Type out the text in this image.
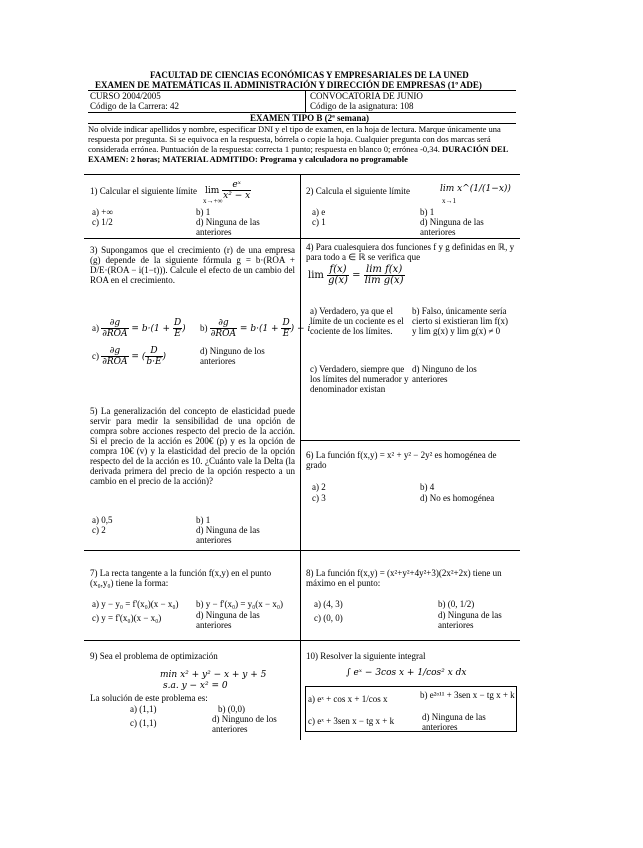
FACULTAD DE CIENCIAS ECONÓMICAS Y EMPRESARIALES DE LA UNED
EXAMEN DE MATEMÁTICAS II. ADMINISTRACIÓN Y DIRECCIÓN DE EMPRESAS (1º ADE)
CURSO 2004/2005	CONVOCATORIA DE JUNIO
Código de la Carrera: 42	Código de la asignatura: 108
EXAMEN TIPO B (2ª semana)
No olvide indicar apellidos y nombre, especificar DNI y el tipo de examen, en la hoja de lectura. Marque únicamente una respuesta por pregunta. Si se equivoca en la respuesta, bórrela o copie la hoja. Cualquier pregunta con dos marcas será considerada errónea. Puntuación de la respuesta: correcta 1 punto; respuesta en blanco 0; errónea -0,34. DURACIÓN DEL EXAMEN: 2 horas; MATERIAL ADMITIDO: Programa y calculadora no programable
1) Calcular el siguiente límite $\lim \frac{\text{eˣ}}{\text{x² − x}}$
x→+∞
a) +∞	b) 1
c) 1/2	d) Ninguna de las anteriores
2) Calcula el siguiente límite	lim x^(1/(1−x))
x→1
a) e	b) 1
c) 1	d) Ninguna de las anteriores
3) Supongamos que el crecimiento (r) de una empresa (g) depende de la siguiente fórmula g = b·(ROA + D/E·(ROA − i(1−t))). Calcule el efecto de un cambio del ROA en el crecimiento.
$a) \frac{\partial g}{\text{∂ROA}} = b\cdot(1 + \frac{D}{E}$ ) $b) \frac{\partial g}{\text{∂ROA}} = b\cdot(1 + \frac{D}{E}$ ) − i
$c) \frac{\partial g}{\text{∂ROA}}$ = ( $\frac{D}{b\cdot E}$ )
d) Ninguno de los anteriores
4) Para cualesquiera dos funciones f y g definidas en ℝ, y para todo a ∈ ℝ se verifica que
$\lim \frac{f(x)}{g(x)} = \frac{\text{lim f(x)}}{\text{lim g(x)}}$
a) Verdadero, ya que el límite de un cociente es el cociente de los límites.
b) Falso, únicamente sería cierto si existieran lim f(x) y lim g(x) y lim g(x) ≠ 0
c) Verdadero, siempre que los límites del numerador y denominador existan
d) Ninguno de los anteriores
5) La generalización del concepto de elasticidad puede servir para medir la sensibilidad de una opción de compra sobre acciones respecto del precio de la acción. Si el precio de la acción es 200€ (p) y es la opción de compra 10€ (v) y la elasticidad del precio de la opción respecto del de la acción es 10. ¿Cuánto vale la Delta (la derivada primera del precio de la opción respecto a un cambio en el precio de la acción)?
a) 0,5	b) 1
c) 2	d) Ninguna de las anteriores
6) La función f(x,y) = x² + y² − 2y² es homogénea de grado
a) 2	b) 4
c) 3	d) No es homogénea
7) La recta tangente a la función f(x,y) en el punto (x₀,y₀) tiene la forma:
a) y − y₀ = f'(x₀)(x − x₀) b) y − f'(x₀) = y₀(x − x₀)
c) y = f'(x₀)(x − x₀)	d) Ninguna de las anteriores
8) La función f(x,y) = (x²+y²+4y²+3)(2x²+2x) tiene un máximo en el punto:
a) (4, 3)	b) (0, 1/2)
c) (0, 0)	d) Ninguna de las anteriores
9) Sea el problema de optimización
min x² + y² − x + y + 5
s.a. y − x² = 0
La solución de este problema es:
a) (1,1)	b) (0,0)
c) (1,1)	d) Ninguno de los anteriores
10) Resolver la siguiente integral
∫ eˣ − 3cos x + 1/cos² x dx
a) eˣ + cos x + 1/cos x	b) e²ᵒ¹¹ + 3sen x − tg x + k
c) eˣ + 3sen x − tg x + k	d) Ninguna de las anteriores
